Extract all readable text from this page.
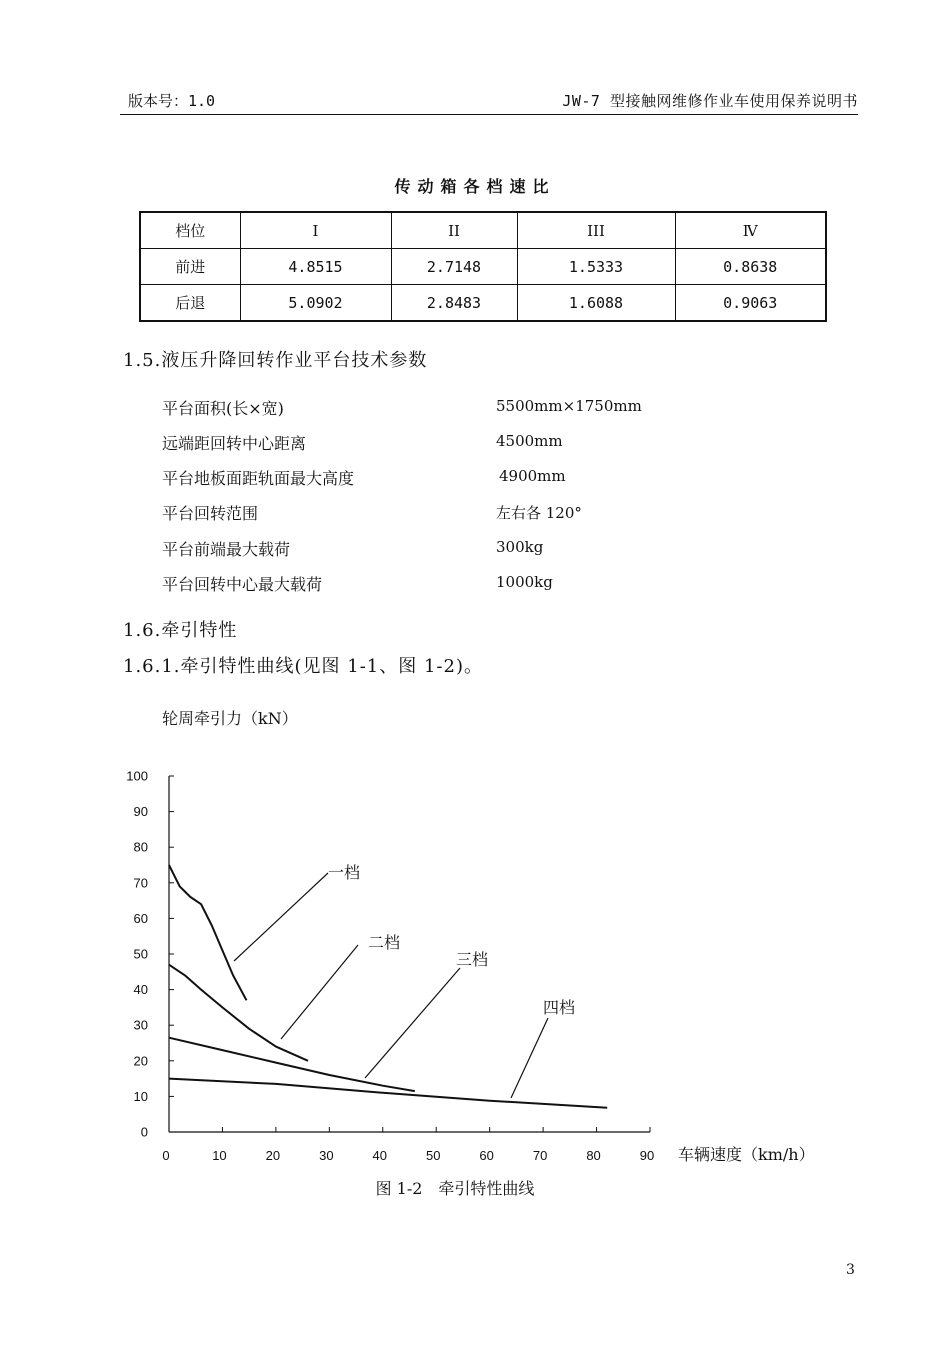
版本号：1.0	JW-7 型接触网维修作业车使用保养说明书
传动箱各档速比
档位	I	II	III	Ⅳ
前进	4.8515	2.7148	1.5333	0.8638
后退	5.0902	2.8483	1.6088	0.9063
1.5.液压升降回转作业平台技术参数
平台面积(长×宽)	5500mm×1750mm
远端距回转中心距离	4500mm
平台地板面距轨面最大高度	4900mm
平台回转范围	左右各 120°
平台前端最大载荷	300kg
平台回转中心最大载荷	1000kg
1.6.牵引特性
1.6.1.牵引特性曲线(见图 1-1、图 1-2)。
轮周牵引力（kN）
0
10
20
30
40
50
60
70
80
90
100
0	10	20	30	40	50	60	70	80	90 车辆速度（km/h）
一档
二档
三档
四档
图 1-2　牵引特性曲线
3
